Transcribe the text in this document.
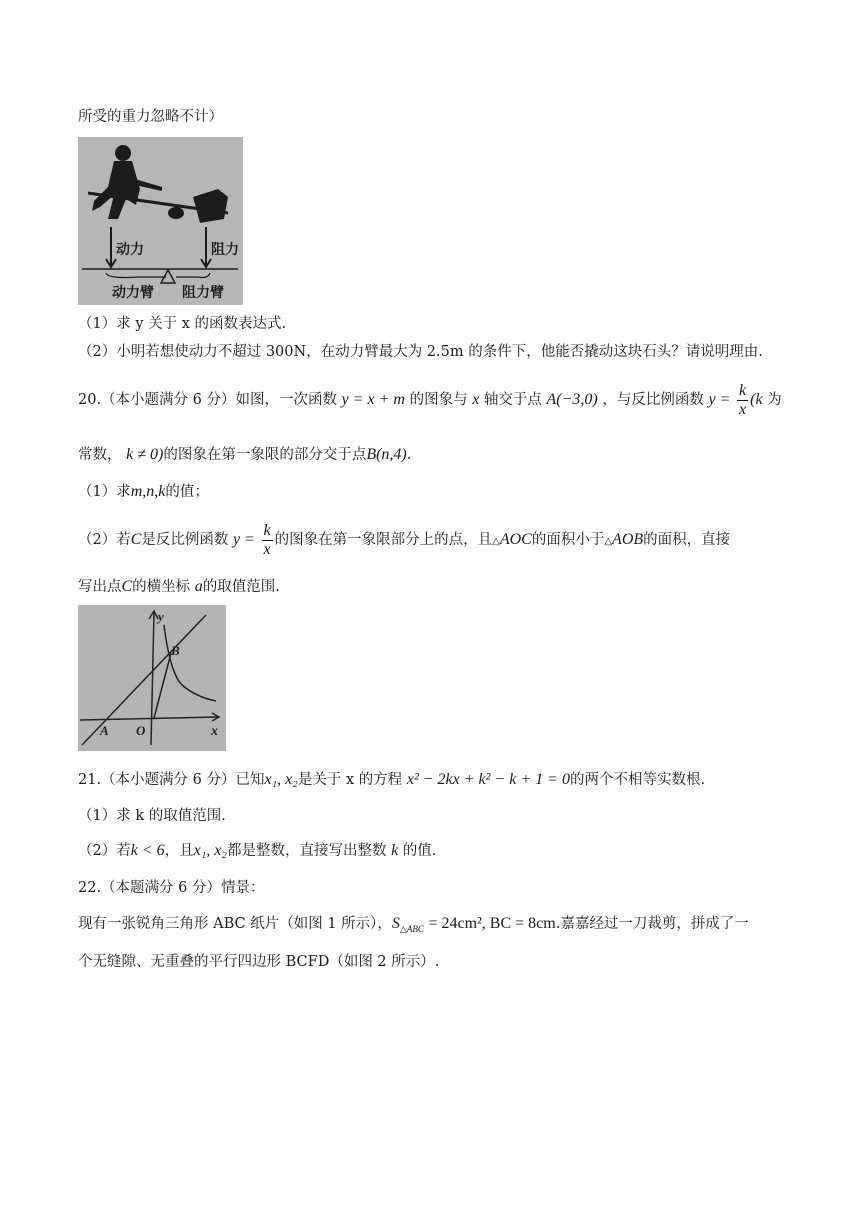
所受的重力忽略不计）
动力	阻力
动力臂 阻力臂
（1）求 y 关于 x 的函数表达式.
（2）小明若想使动力不超过 300N，在动力臂最大为 2.5m 的条件下，他能否撬动这块石头？请说明理由.
20.（本小题满分 6 分）如图，一次函数 y = x + m 的图象与 x 轴交于点 A(−3,0) ，与反比例函数 $y = \frac{k}{x} (k$ 为
常数， k ≠ 0)的图象在第一象限的部分交于点B(n,4).
（1）求m,n,k的值；
（2）若C是反比例函数 $y = \frac{k}{x}$ 的图象在第一象限部分上的点，且△AOC的面积小于△AOB的面积，直接
写出点C的横坐标 a的取值范围.
y
x
O
A
B
21.（本小题满分 6 分）已知x₁, x₂是关于 x 的方程 x² − 2kx + k² − k + 1 = 0的两个不相等实数根.
（1）求 k 的取值范围.
（2）若k < 6，且x₁, x₂都是整数，直接写出整数 k 的值.
22.（本题满分 6 分）情景：
现有一张锐角三角形 ABC 纸片（如图 1 所示），$S_{\triangle ABC} = 24cm^2$, BC = 8cm.嘉嘉经过一刀裁剪，拼成了一
个无缝隙、无重叠的平行四边形 BCFD（如图 2 所示）.
